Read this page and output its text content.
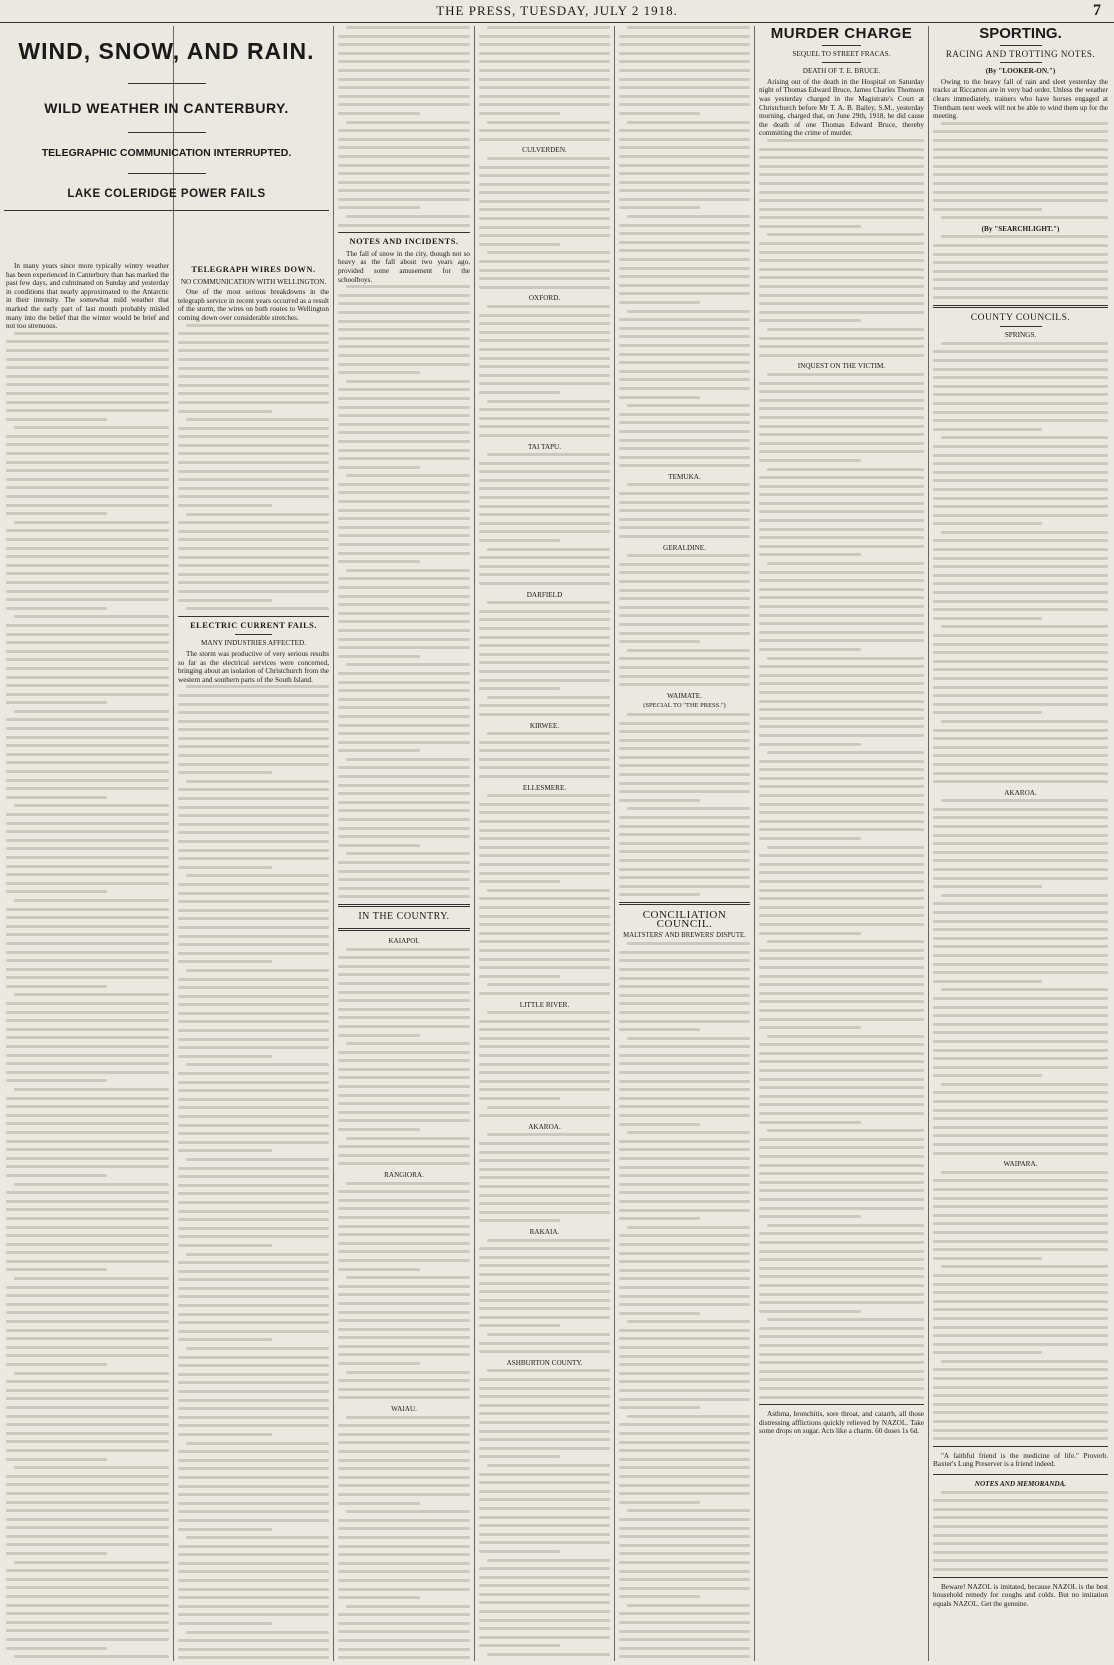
THE PRESS, TUESDAY, JULY 2 1918.	7
WIND, SNOW, AND RAIN.
WILD WEATHER IN CANTERBURY.
TELEGRAPHIC COMMUNICATION INTERRUPTED.
LAKE COLERIDGE POWER FAILS

In many years since more typically wintry weather has been experienced in Canterbury than has marked the past few days, and culminated on Sunday and yesterday in conditions that nearly approximated to the Antarctic in their intensity. The somewhat mild weather that marked the early part of last month probably misled many into the belief that the winter would be brief and not too strenuous.

TELEGRAPH WIRES DOWN.
NO COMMUNICATION WITH WELLINGTON.

One of the most serious breakdowns in the telegraph service in recent years occurred as a result of the storm, the wires on both routes to Wellington coming down over considerable stretches.

ELECTRIC CURRENT FAILS.
MANY INDUSTRIES AFFECTED.

The storm was productive of very serious results so far as the electrical services were concerned, bringing about an isolation of Christchurch from the western and southern parts of the South Island.

NOTES AND INCIDENTS.

The fall of snow in the city, though not so heavy as the fall about two years ago, provided some amusement for the schoolboys.

IN THE COUNTRY.
KAIAPOI.
RANGIORA.
WAIAU.
CULVERDEN.
OXFORD.
TAI TAPU.
DARFIELD
KIRWEE.
ELLESMERE.
LITTLE RIVER.
AKAROA.
RAKAIA.
ASHBURTON COUNTY.
TEMUKA.
GERALDINE.
WAIMATE.
(SPECIAL TO "THE PRESS.")
CONCILIATION COUNCIL.
MALTSTERS' AND BREWERS' DISPUTE.
MURDER CHARGE
SEQUEL TO STREET FRACAS.
DEATH OF T. E. BRUCE.

Arising out of the death in the Hospital on Saturday night of Thomas Edward Bruce, James Charles Thomson was yesterday charged in the Magistrate's Court at Christchurch before Mr T. A. B. Bailey, S.M., yesterday morning, charged that, on June 29th, 1918, he did cause the death of one Thomas Edward Bruce, thereby committing the crime of murder.

INQUEST ON THE VICTIM.

Asthma, bronchitis, sore throat, and catarrh, all those distressing afflictions quickly relieved by NAZOL. Take some drops on sugar. Acts like a charm. 60 doses 1s 6d.

SPORTING.
RACING AND TROTTING NOTES.
(By "LOOKER-ON.")

Owing to the heavy fall of rain and sleet yesterday the tracks at Riccarton are in very bad order. Unless the weather clears immediately, trainers who have horses engaged at Trentham next week will not be able to wind them up for the meeting.

(By "SEARCHLIGHT.")
COUNTY COUNCILS.
SPRINGS.
AKAROA.
WAIPARA.

"A faithful friend is the medicine of life." Proverb. Baxter's Lung Preserver is a friend indeed.

NOTES AND MEMORANDA.

Beware! NAZOL is imitated, because NAZOL is the best household remedy for coughs and colds. But no imitation equals NAZOL. Get the genuine.
